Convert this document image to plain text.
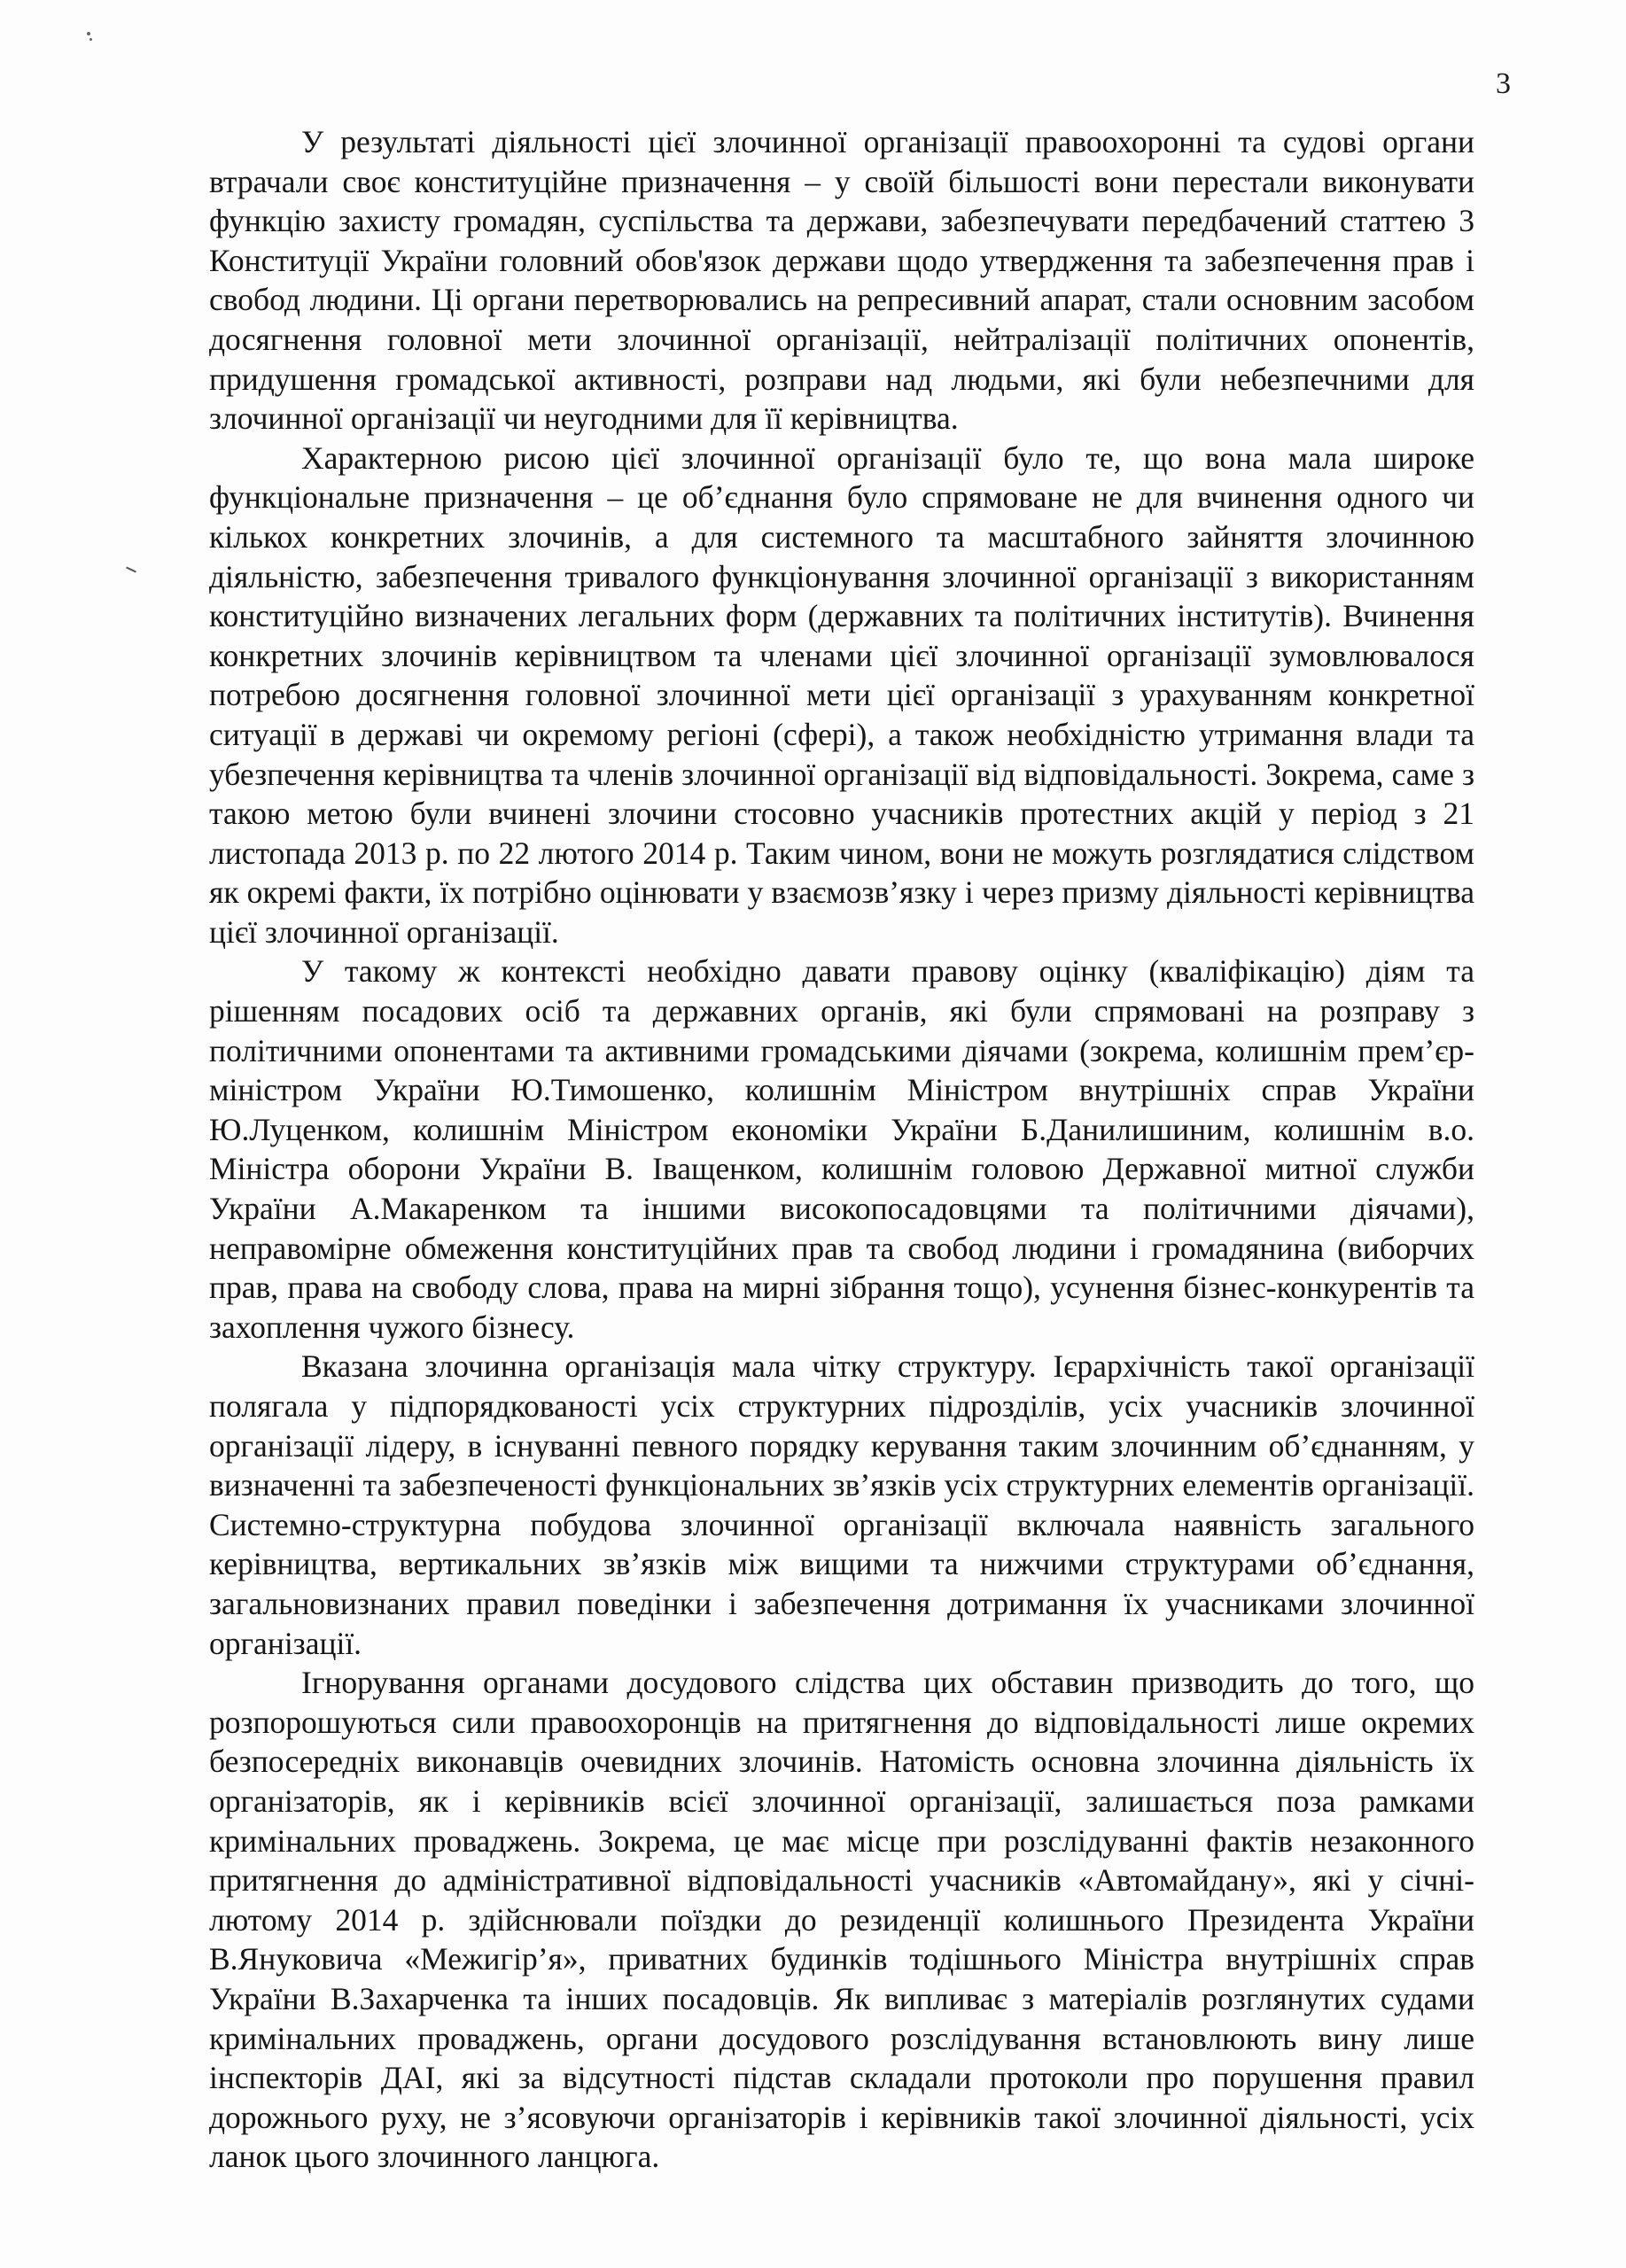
3

У результаті діяльності цієї злочинної організації правоохоронні та судові органи втрачали своє конституційне призначення – у своїй більшості вони перестали виконувати функцію захисту громадян, суспільства та держави, забезпечувати передбачений статтею 3 Конституції України головний обов'язок держави щодо утвердження та забезпечення прав і свобод людини. Ці органи перетворювались на репресивний апарат, стали основним засобом досягнення головної мети злочинної організації, нейтралізації політичних опонентів, придушення громадської активності, розправи над людьми, які були небезпечними для злочинної організації чи неугодними для її керівництва.

Характерною рисою цієї злочинної організації було те, що вона мала широке функціональне призначення – це об’єднання було спрямоване не для вчинення одного чи кількох конкретних злочинів, а для системного та масштабного зайняття злочинною діяльністю, забезпечення тривалого функціонування злочинної організації з використанням конституційно визначених легальних форм (державних та політичних інститутів). Вчинення конкретних злочинів керівництвом та членами цієї злочинної організації зумовлювалося потребою досягнення головної злочинної мети цієї організації з урахуванням конкретної ситуації в державі чи окремому регіоні (сфері), а також необхідністю утримання влади та убезпечення керівництва та членів злочинної організації від відповідальності. Зокрема, саме з такою метою були вчинені злочини стосовно учасників протестних акцій у період з 21 листопада 2013 р. по 22 лютого 2014 р. Таким чином, вони не можуть розглядатися слідством як окремі факти, їх потрібно оцінювати у взаємозв’язку і через призму діяльності керівництва цієї злочинної організації.

У такому ж контексті необхідно давати правову оцінку (кваліфікацію) діям та рішенням посадових осіб та державних органів, які були спрямовані на розправу з політичними опонентами та активними громадськими діячами (зокрема, колишнім прем’єр-міністром України Ю.Тимошенко, колишнім Міністром внутрішніх справ України Ю.Луценком, колишнім Міністром економіки України Б.Данилишиним, колишнім в.о. Міністра оборони України В. Іващенком, колишнім головою Державної митної служби України А.Макаренком та іншими високопосадовцями та політичними діячами), неправомірне обмеження конституційних прав та свобод людини і громадянина (виборчих прав, права на свободу слова, права на мирні зібрання тощо), усунення бізнес-конкурентів та захоплення чужого бізнесу.

Вказана злочинна організація мала чітку структуру. Ієрархічність такої організації полягала у підпорядкованості усіх структурних підрозділів, усіх учасників злочинної організації лідеру, в існуванні певного порядку керування таким злочинним об’єднанням, у визначенні та забезпеченості функціональних зв’язків усіх структурних елементів організації. Системно-структурна побудова злочинної організації включала наявність загального керівництва, вертикальних зв’язків між вищими та нижчими структурами об’єднання, загальновизнаних правил поведінки і забезпечення дотримання їх учасниками злочинної організації.

Ігнорування органами досудового слідства цих обставин призводить до того, що розпорошуються сили правоохоронців на притягнення до відповідальності лише окремих безпосередніх виконавців очевидних злочинів. Натомість основна злочинна діяльність їх організаторів, як і керівників всієї злочинної організації, залишається поза рамками кримінальних проваджень. Зокрема, це має місце при розслідуванні фактів незаконного притягнення до адміністративної відповідальності учасників «Автомайдану», які у січні-лютому 2014 р. здійснювали поїздки до резиденції колишнього Президента України В.Януковича «Межигір’я», приватних будинків тодішнього Міністра внутрішніх справ України В.Захарченка та інших посадовців. Як випливає з матеріалів розглянутих судами кримінальних проваджень, органи досудового розслідування встановлюють вину лише інспекторів ДАІ, які за відсутності підстав складали протоколи про порушення правил дорожнього руху, не з’ясовуючи організаторів і керівників такої злочинної діяльності, усіх ланок цього злочинного ланцюга.
